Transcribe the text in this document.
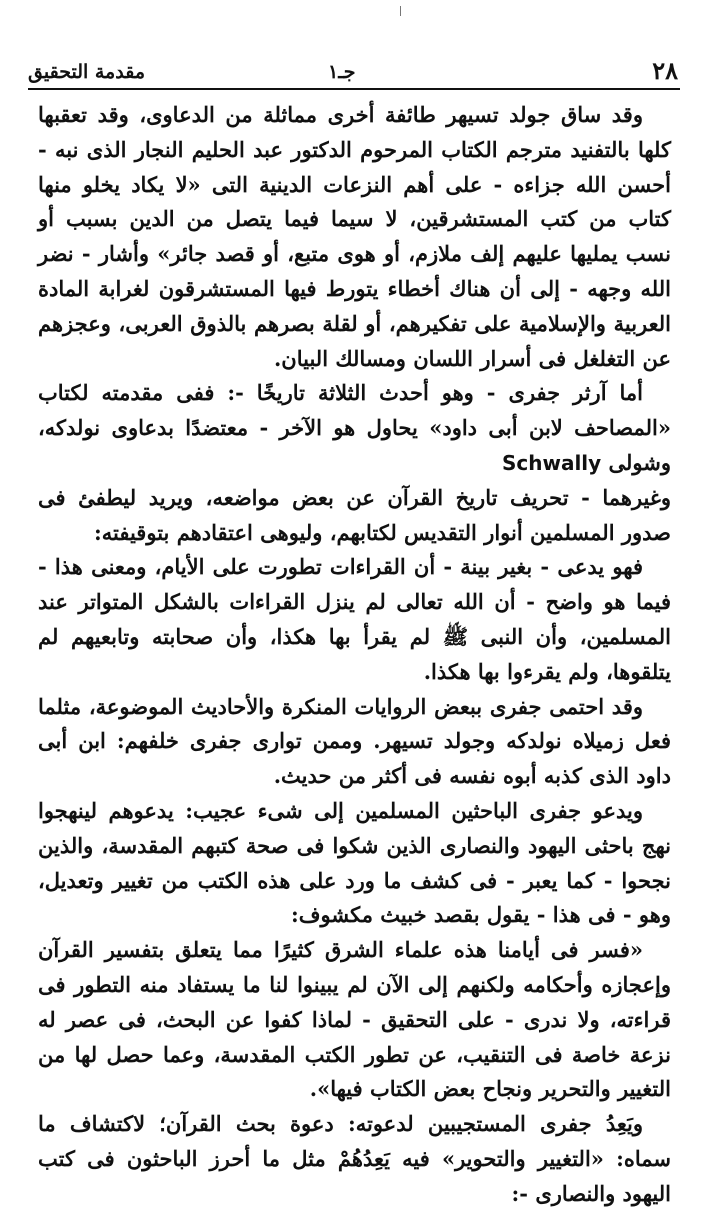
٢٨
جـ١
مقدمة التحقيق

وقد ساق جولد تسيهر طائفة أخرى مماثلة من الدعاوى، وقد تعقبها كلها بالتفنيد مترجم الكتاب المرحوم الدكتور عبد الحليم النجار الذى نبه - أحسن الله جزاءه - على أهم النزعات الدينية التى «لا يكاد يخلو منها كتاب من كتب المستشرقين، لا سيما فيما يتصل من الدين بسبب أو نسب يمليها عليهم إلف ملازم، أو هوى متبع، أو قصد جائر» وأشار - نضر الله وجهه - إلى أن هناك أخطاء يتورط فيها المستشرقون لغرابة المادة العربية والإسلامية على تفكيرهم، أو لقلة بصرهم بالذوق العربى، وعجزهم عن التغلغل فى أسرار اللسان ومسالك البيان.

أما آرثر جفرى - وهو أحدث الثلاثة تاريخًا -: ففى مقدمته لكتاب «المصاحف لابن أبى داود» يحاول هو الآخر - معتضدًا بدعاوى نولدكه، وشولى Schwally

وغيرهما - تحريف تاريخ القرآن عن بعض مواضعه، ويريد ليطفئ فى صدور المسلمين أنوار التقديس لكتابهم، وليوهى اعتقادهم بتوقيفته:

فهو يدعى - بغير بينة - أن القراءات تطورت على الأيام، ومعنى هذا - فيما هو واضح - أن الله تعالى لم ينزل القراءات بالشكل المتواتر عند المسلمين، وأن النبى ﷺ لم يقرأ بها هكذا، وأن صحابته وتابعيهم لم يتلقوها، ولم يقرءوا بها هكذا.

وقد احتمى جفرى ببعض الروايات المنكرة والأحاديث الموضوعة، مثلما فعل زميلاه نولدكه وجولد تسيهر. وممن توارى جفرى خلفهم: ابن أبى داود الذى كذبه أبوه نفسه فى أكثر من حديث.

ويدعو جفرى الباحثين المسلمين إلى شىء عجيب: يدعوهم لينهجوا نهج باحثى اليهود والنصارى الذين شكوا فى صحة كتبهم المقدسة، والذين نجحوا - كما يعبر - فى كشف ما ورد على هذه الكتب من تغيير وتعديل، وهو - فى هذا - يقول بقصد خبيث مكشوف:

«فسر فى أيامنا هذه علماء الشرق كثيرًا مما يتعلق بتفسير القرآن وإعجازه وأحكامه ولكنهم إلى الآن لم يبينوا لنا ما يستفاد منه التطور فى قراءته، ولا ندرى - على التحقيق - لماذا كفوا عن البحث، فى عصر له نزعة خاصة فى التنقيب، عن تطور الكتب المقدسة، وعما حصل لها من التغيير والتحرير ونجاح بعض الكتاب فيها».

ويَعِدُ جفرى المستجيبين لدعوته: دعوة بحث القرآن؛ لاكتشاف ما سماه: «التغيير والتحوير» فيه يَعِدُهُمْ مثل ما أحرز الباحثون فى كتب اليهود والنصارى -:
